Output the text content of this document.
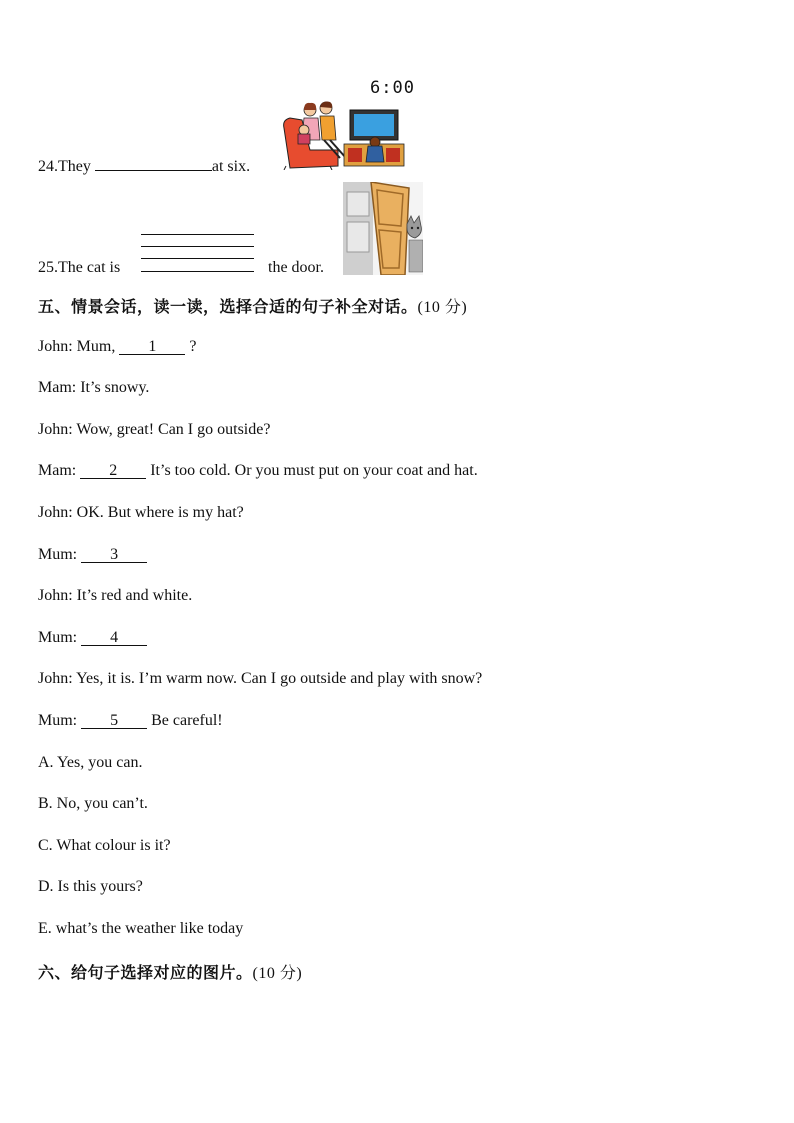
6:00
24.They	at six.
25.The cat is	the door.
五、情景会话，读一读，选择合适的句子补全对话。(10 分)
John: Mum, 1 ?
Mam: It’s snowy.
John: Wow, great! Can I go outside?
Mam: 2 It’s too cold. Or you must put on your coat and hat.
John: OK. But where is my hat?
Mum: 3
John: It’s red and white.
Mum: 4
John: Yes, it is. I’m warm now. Can I go outside and play with snow?
Mum: 5 Be careful!
A. Yes, you can.
B. No, you can’t.
C. What colour is it?
D. Is this yours?
E. what’s the weather like today
六、给句子选择对应的图片。(10 分)
